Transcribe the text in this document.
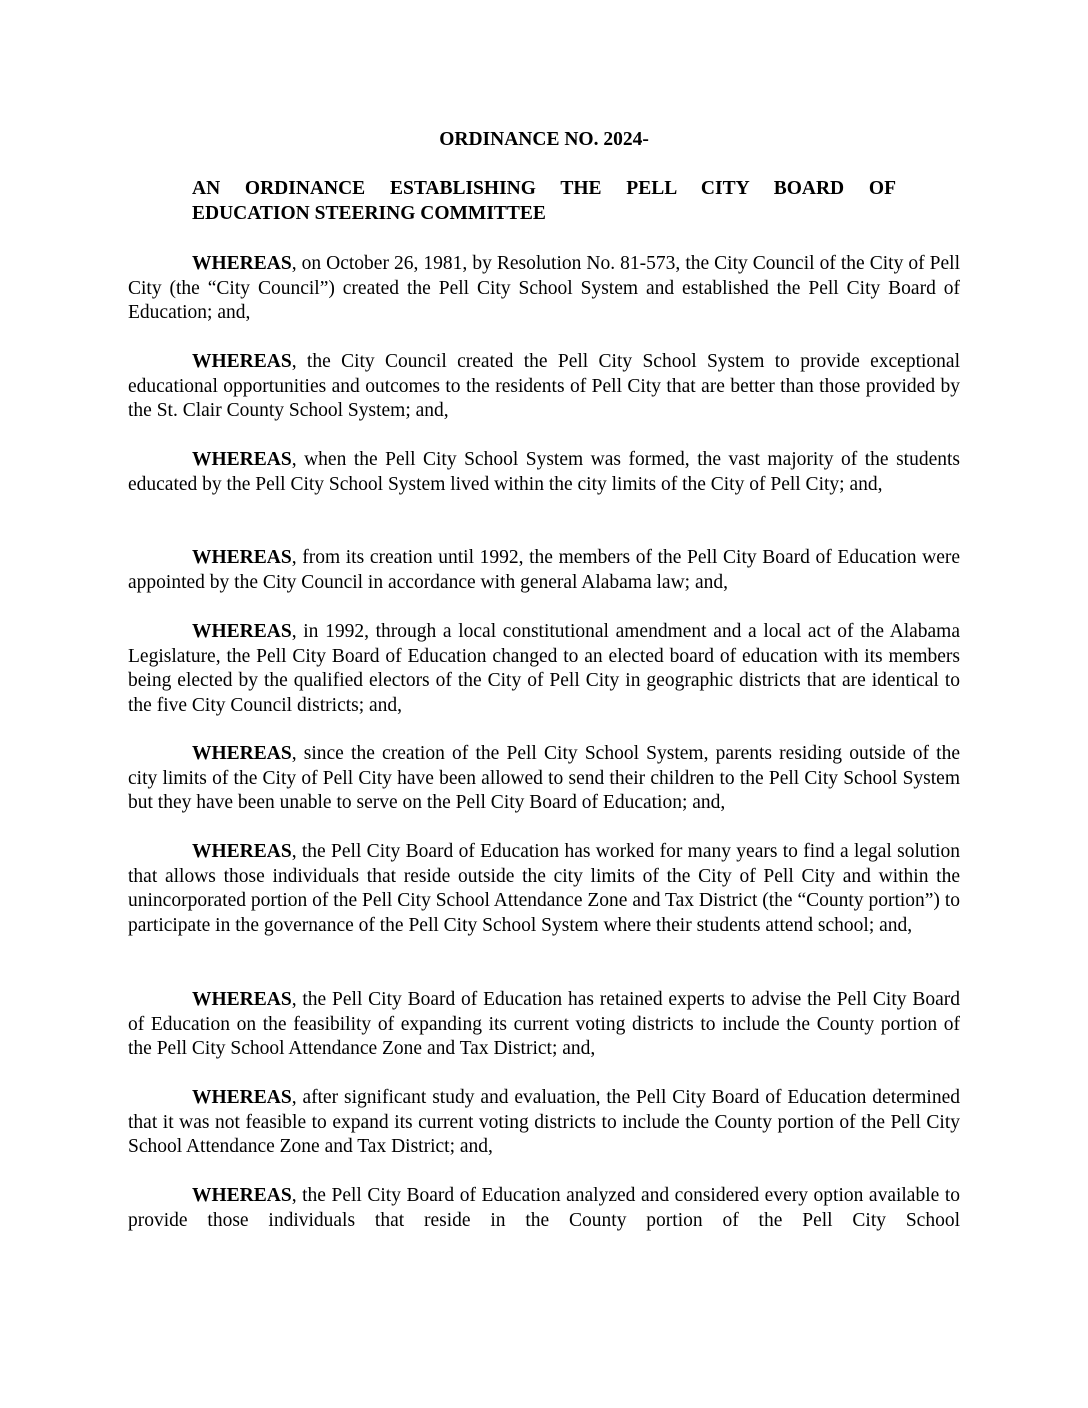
ORDINANCE NO. 2024-
AN ORDINANCE ESTABLISHING THE PELL CITY BOARD OF
EDUCATION STEERING COMMITTEE

WHEREAS, on October 26, 1981, by Resolution No. 81-573, the City Council of the City of Pell City (the “City Council”) created the Pell City School System and established the Pell City Board of Education; and,

WHEREAS, the City Council created the Pell City School System to provide exceptional educational opportunities and outcomes to the residents of Pell City that are better than those provided by the St. Clair County School System; and,

WHEREAS, when the Pell City School System was formed, the vast majority of the students educated by the Pell City School System lived within the city limits of the City of Pell City; and,

WHEREAS, from its creation until 1992, the members of the Pell City Board of Education were appointed by the City Council in accordance with general Alabama law; and,

WHEREAS, in 1992, through a local constitutional amendment and a local act of the Alabama Legislature, the Pell City Board of Education changed to an elected board of education with its members being elected by the qualified electors of the City of Pell City in geographic districts that are identical to the five City Council districts; and,

WHEREAS, since the creation of the Pell City School System, parents residing outside of the city limits of the City of Pell City have been allowed to send their children to the Pell City School System but they have been unable to serve on the Pell City Board of Education; and,

WHEREAS, the Pell City Board of Education has worked for many years to find a legal solution that allows those individuals that reside outside the city limits of the City of Pell City and within the unincorporated portion of the Pell City School Attendance Zone and Tax District (the “County portion”) to participate in the governance of the Pell City School System where their students attend school; and,

WHEREAS, the Pell City Board of Education has retained experts to advise the Pell City Board of Education on the feasibility of expanding its current voting districts to include the County portion of the Pell City School Attendance Zone and Tax District; and,

WHEREAS, after significant study and evaluation, the Pell City Board of Education determined that it was not feasible to expand its current voting districts to include the County portion of the Pell City School Attendance Zone and Tax District; and,

WHEREAS, the Pell City Board of Education analyzed and considered every option available to provide those individuals that reside in the County portion of the Pell City School
